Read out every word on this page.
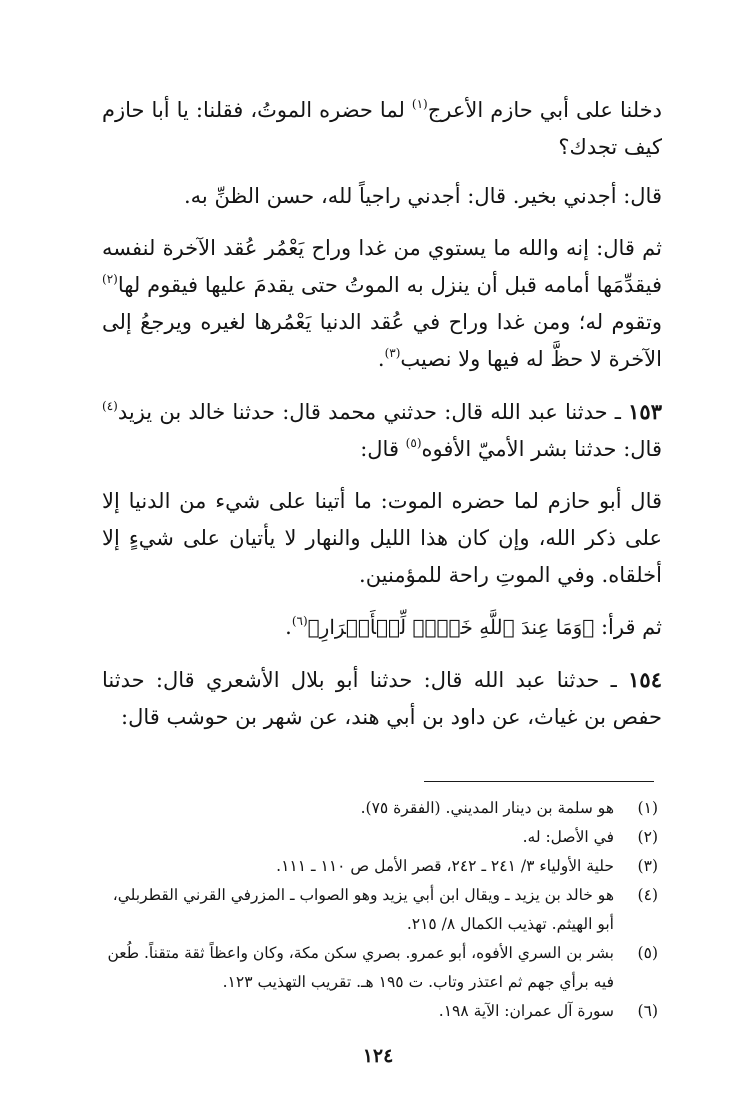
دخلنا على أبي حازم الأعرج$^{(١)}$ لما حضره الموتُ، فقلنا: يا أبا حازم كيف تجدك؟

قال: أجدني بخير. قال: أجدني راجياً لله، حسن الظنِّ به.

ثم قال: إنه والله ما يستوي من غدا وراح يَعْمُر عُقد الآخرة لنفسه فيقدِّمَها أمامه قبل أن ينزل به الموتُ حتى يقدمَ عليها فيقوم لها$^{(٢)}$ وتقوم له؛ ومن غدا وراح في عُقد الدنيا يَعْمُرها لغيره ويرجعُ إلى الآخرة لا حظَّ له فيها ولا نصيب$^{(٣)}$.

١٥٣ ـ حدثنا عبد الله قال: حدثني محمد قال: حدثنا خالد بن يزيد$^{(٤)}$ قال: حدثنا بشر الأميّ الأفوه$^{(٥)}$ قال:

قال أبو حازم لما حضره الموت: ما أتينا على شيء من الدنيا إلا على ذكر الله، وإن كان هذا الليل والنهار لا يأتيان على شيءٍ إلا أخلقاه. وفي الموتِ راحة للمؤمنين.

ثم قرأ: ﴿وَمَا عِندَ ٱللَّهِ خَيۡرٞ لِّلۡأَبۡرَارِ﴾$^{(٦)}$.

١٥٤ ـ حدثنا عبد الله قال: حدثنا أبو بلال الأشعري قال: حدثنا حفص بن غياث، عن داود بن أبي هند، عن شهر بن حوشب قال:

(١)
هو سلمة بن دينار المديني. (الفقرة ٧٥).
(٢)
في الأصل: له.
(٣)
حلية الأولياء ٣/ ٢٤١ ـ ٢٤٢، قصر الأمل ص ١١٠ ـ ١١١.
(٤)
هو خالد بن يزيد ـ ويقال ابن أبي يزيد وهو الصواب ـ المزرفي القرني القطربلي، أبو الهيثم. تهذيب الكمال ٨/ ٢١٥.
(٥)
بشر بن السري الأفوه، أبو عمرو. بصري سكن مكة، وكان واعظاً ثقة متقناً. طُعن فيه برأي جهم ثم اعتذر وتاب. ت ١٩٥ هـ. تقريب التهذيب ١٢٣.
(٦)
سورة آل عمران: الآية ١٩٨.
١٢٤
